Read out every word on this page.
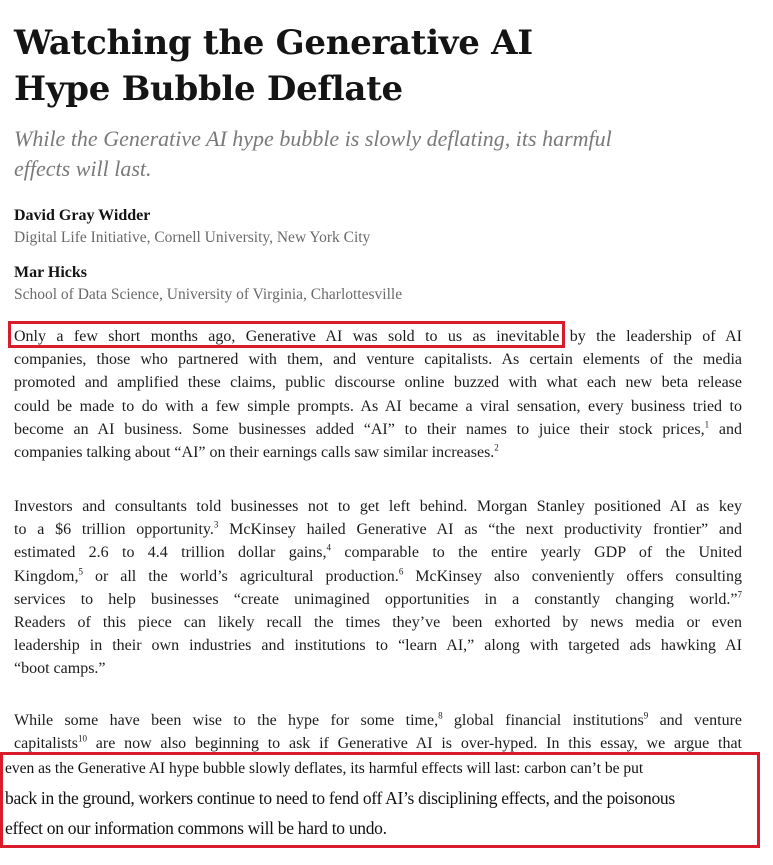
Watching the Generative AI
Hype Bubble Deflate

While the Generative AI hype bubble is slowly deflating, its harmful
effects will last.

David Gray Widder

Digital Life Initiative, Cornell University, New York City

Mar Hicks

School of Data Science, University of Virginia, Charlottesville

Only a few short months ago, Generative AI was sold to us as inevitable by the leadership of AI
companies, those who partnered with them, and venture capitalists. As certain elements of the media
promoted and amplified these claims, public discourse online buzzed with what each new beta release
could be made to do with a few simple prompts. As AI became a viral sensation, every business tried to
become an AI business. Some businesses added “AI” to their names to juice their stock prices,$^1$ and
companies talking about “AI” on their earnings calls saw similar increases.$^2$
Investors and consultants told businesses not to get left behind. Morgan Stanley positioned AI as key
to a $6 trillion opportunity.$^3$ McKinsey hailed Generative AI as “the next productivity frontier” and
estimated 2.6 to 4.4 trillion dollar gains,$^4$ comparable to the entire yearly GDP of the United
Kingdom,$^5$ or all the world’s agricultural production.$^6$ McKinsey also conveniently offers consulting
services to help businesses “create unimagined opportunities in a constantly changing world.”$^7$
Readers of this piece can likely recall the times they’ve been exhorted by news media or even
leadership in their own industries and institutions to “learn AI,” along with targeted ads hawking AI
“boot camps.”
While some have been wise to the hype for some time,$^8$ global financial institutions$^9$ and venture
capitalists$^{10}$ are now also beginning to ask if Generative AI is over-hyped. In this essay, we argue that

even as the Generative AI hype bubble slowly deflates, its harmful effects will last: carbon can’t be put

back in the ground, workers continue to need to fend off AI’s disciplining effects, and the poisonous

effect on our information commons will be hard to undo.
